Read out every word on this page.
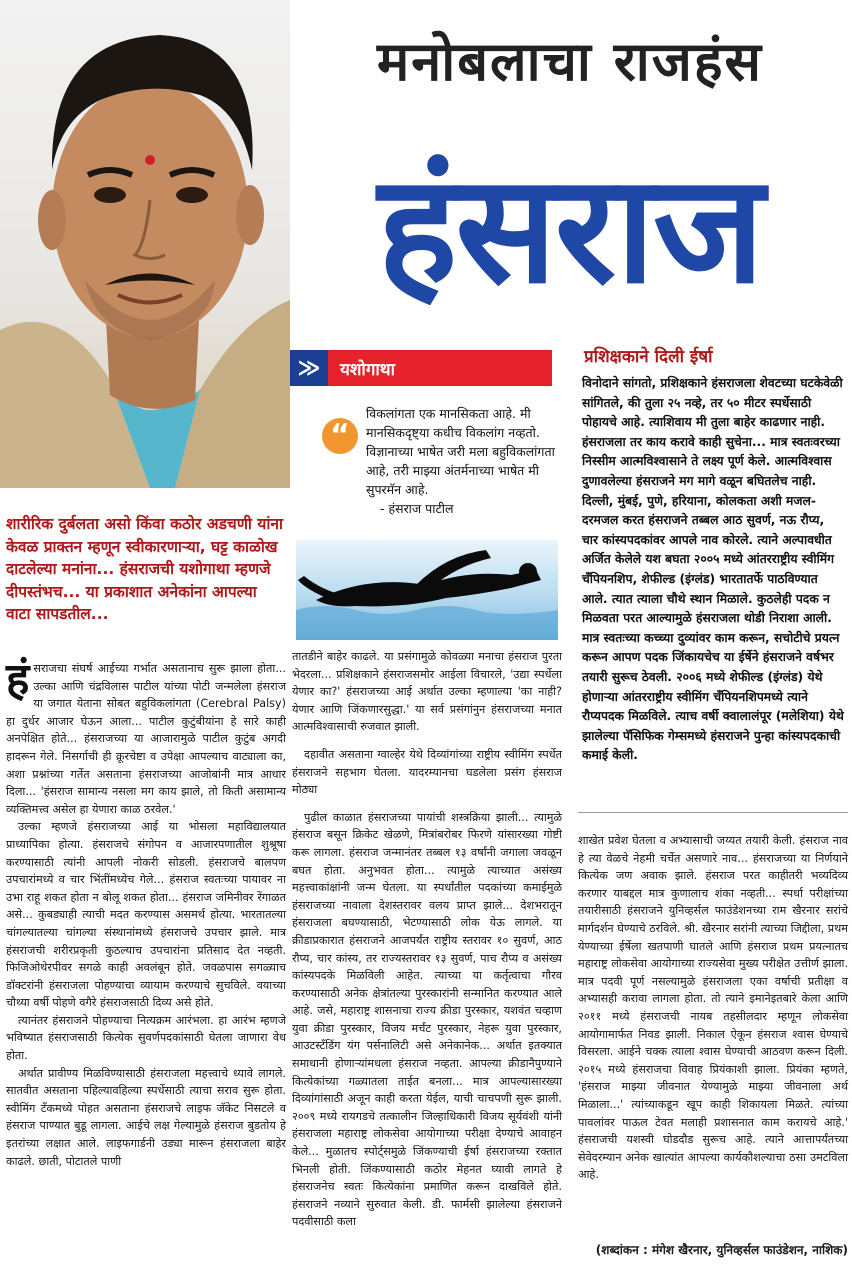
मनोबलाचा राजहंस
हंसराज
≫	यशोगाथा
“
विकलांगता एक मानसिकता आहे. मी मानसिकदृष्ट्या कधीच विकलांग नव्हतो. विज्ञानाच्या भाषेत जरी मला बहुविकलांगता आहे, तरी माझ्या अंतर्मनाच्या भाषेत मी सुपरमॅन आहे.
- हंसराज पाटील
शारीरिक दुर्बलता असो किंवा कठोर अडचणी यांना केवळ प्राक्तन म्हणून स्वीकारणाऱ्या, घट्ट काळोख दाटलेल्या मनांना... हंसराजची यशोगाथा म्हणजे दीपस्तंभच... या प्रकाशात अनेकांना आपल्या वाटा सापडतील...

हंसराजचा संघर्ष आईच्या गर्भात असतानाच सुरू झाला होता... उल्का आणि चंद्रविलास पाटील यांच्या पोटी जन्मलेला हंसराज या जगात येताना सोबत बहुविकलांगता (Cerebral Palsy) हा दुर्धर आजार घेऊन आला... पाटील कुटुंबीयांना हे सारे काही अनपेक्षित होते... हंसराजच्या या आजारामुळे पाटील कुटुंब अगदी हादरून गेले. निसर्गाची ही क्रूरचेष्टा व उपेक्षा आपल्याच वाट्याला का, अशा प्रश्नांच्या गर्तेत असताना हंसराजच्या आजोबांनी मात्र आधार दिला... 'हंसराज सामान्य नसला मग काय झाले, तो किती असामान्य व्यक्तिमत्त्व असेल हा येणारा काळ ठरवेल.'

उल्का म्हणजे हंसराजच्या आई या भोसला महाविद्यालयात प्राध्यापिका होत्या. हंसराजचे संगोपन व आजारपणातील शुश्रूषा करण्यासाठी त्यांनी आपली नोकरी सोडली. हंसराजचे बालपण उपचारांमध्ये व चार भिंतींमध्येच गेले... हंसराज स्वतःच्या पायावर ना उभा राहू शकत होता न बोलू शकत होता... हंसराज जमिनीवर रेंगाळत असे... कुबड्याही त्याची मदत करण्यास असमर्थ होत्या. भारतातल्या चांगल्यातल्या चांगल्या संस्थानांमध्ये हंसराजचे उपचार झाले. मात्र हंसराजची शरीरप्रकृती कुठल्याच उपचारांना प्रतिसाद देत नव्हती. फिजिओथेरपीवर सगळे काही अवलंबून होते. जवळपास सगळ्याच डॉक्टरांनी हंसराजला पोहण्याचा व्यायाम करण्याचे सुचविले. वयाच्या चौथ्या वर्षी पोहणे वगैरे हंसराजसाठी दिव्य असे होते.

त्यानंतर हंसराजने पोहण्याचा नित्यक्रम आरंभला. हा आरंभ म्हणजे भविष्यात हंसराजसाठी कित्येक सुवर्णपदकांसाठी घेतला जाणारा वेध होता.

अर्थात प्रावीण्य मिळविण्यासाठी हंसराजला महत्त्वाचे ध्यावे लागले. सातवीत असताना पहिल्यावहिल्या स्पर्धेसाठी त्याचा सराव सुरू होता. स्वीमिंग टॅंकमध्ये पोहत असताना हंसराजचे लाइफ जॅकेट निसटले व हंसराज पाण्यात बुडू लागला. आईचे लक्ष गेल्यामुळे हंसराज बुडतोय हे इतरांच्या लक्षात आले. लाइफगार्डनी उड्या मारून हंसराजला बाहेर काढले. छाती, पोटातले पाणी

तातडीने बाहेर काढले. या प्रसंगामुळे कोवळ्या मनाचा हंसराज पुरता भेदरला... प्रशिक्षकाने हंसराजसमोर आईला विचारले, 'उद्या स्पर्धेला येणार का?' हंसराजच्या आई अर्थात उल्का म्हणाल्या 'का नाही? येणार आणि जिंकणारसुद्धा.' या सर्व प्रसंगांनुन हंसराजच्या मनात आत्मविश्वासाची रुजवात झाली.

दहावीत असताना ग्वाल्हेर येथे दिव्यांगांच्या राष्ट्रीय स्वीमिंग स्पर्धेत हंसराजने सहभाग घेतला. यादरम्यानचा घडलेला प्रसंग हंसराज मोठ्या

पुढील काळात हंसराजच्या पायांची शस्त्रक्रिया झाली... त्यामुळे हंसराज बसून क्रिकेट खेळणे, मित्रांबरोबर फिरणे यांसारख्या गोष्टी करू लागला. हंसराज जन्मानंतर तब्बल १३ वर्षांनी जगाला जवळून बघत होता. अनुभवत होता... त्यामुळे त्याच्यात असंख्य महत्त्वाकांक्षांनी जन्म घेतला. या स्पर्धांतील पदकांच्या कमाईमुळे हंसराजच्या नावाला देशस्तरावर वलय प्राप्त झाले... देशभरातून हंसराजला बघण्यासाठी, भेटण्यासाठी लोक येऊ लागले. या क्रीडाप्रकारात हंसराजने आजपर्यंत राष्ट्रीय स्तरावर १० सुवर्ण, आठ रौप्य, चार कांस्य, तर राज्यस्तरावर १३ सुवर्ण, पाच रौप्य व असंख्य कांस्यपदके मिळविली आहेत. त्याच्या या कर्तृत्वाचा गौरव करण्यासाठी अनेक क्षेत्रांतल्या पुरस्कारांनी सन्मानित करण्यात आले आहे. जसे, महाराष्ट्र शासनाचा राज्य क्रीडा पुरस्कार, यशवंत चव्हाण युवा क्रीडा पुरस्कार, विजय मर्चंट पुरस्कार, नेहरू युवा पुरस्कार, आउटस्टॅंडिंग यंग पर्सनालिटी असे अनेकानेक... अर्थात इतक्यात समाधानी होणाऱ्यांमधला हंसराज नव्हता. आपल्या क्रीडानैपुण्याने कित्येकांच्या गळ्यातला ताईत बनला... मात्र आपल्यासारख्या दिव्यांगांसाठी अजून काही करता येईल, याची चाचपणी सुरू झाली. २००९ मध्ये रायगडचे तत्कालीन जिल्हाधिकारी विजय सूर्यवंशी यांनी हंसराजला महाराष्ट्र लोकसेवा आयोगाच्या परीक्षा देण्याचे आवाहन केले... मुळातच स्पोर्ट्समुळे जिंकण्याची ईर्षा हंसराजच्या रक्तात भिनली होती. जिंकण्यासाठी कठोर मेहनत घ्यावी लागते हे हंसराजनेच स्वतः कित्येकांना प्रमाणित करून दाखविले होते. हंसराजने नव्याने सुरुवात केली. डी. फार्मसी झालेल्या हंसराजने पदवीसाठी कला

प्रशिक्षकाने दिली ईर्षा
विनोदाने सांगतो, प्रशिक्षकाने हंसराजला शेवटच्या घटकेवेळी सांगितले, की तुला २५ नव्हे, तर ५० मीटर स्पर्धेसाठी पोहायचे आहे. त्याशिवाय मी तुला बाहेर काढणार नाही. हंसराजला तर काय करावे काही सुचेना... मात्र स्वतःवरच्या निस्सीम आत्मविश्वासाने ते लक्ष्य पूर्ण केले. आत्मविश्वास दुणावलेल्या हंसराजने मग मागे वळून बघितलेच नाही. दिल्ली, मुंबई, पुणे, हरियाना, कोलकता अशी मजल-दरमजल करत हंसराजने तब्बल आठ सुवर्ण, नऊ रौप्य, चार कांस्यपदकांवर आपले नाव कोरले. त्याने अल्पावधीत अर्जित केलेले यश बघता २००५ मध्ये आंतरराष्ट्रीय स्वीमिंग चॅंपियनशिप, शेफील्ड (इंग्लंड) भारतातर्फे पाठविण्यात आले. त्यात त्याला चौथे स्थान मिळाले. कुठलेही पदक न मिळवता परत आल्यामुळे हंसराजला थोडी निराशा आली. मात्र स्वतःच्या कच्च्या दुव्यांवर काम करून, सचोटीचे प्रयत्न करून आपण पदक जिंकायचेच या ईर्षेने हंसराजने वर्षभर तयारी सुरूच ठेवली. २००६ मध्ये शेफील्ड (इंग्लंड) येथे होणाऱ्या आंतरराष्ट्रीय स्वीमिंग चॅंपियनशिपमध्ये त्याने रौप्यपदक मिळविले. त्याच वर्षी क्वालालंपूर (मलेशिया) येथे झालेल्या पॅसिफिक गेम्समध्ये हंसराजने पुन्हा कांस्यपदकाची कमाई केली.

शाखेत प्रवेश घेतला व अभ्यासाची जय्यत तयारी केली. हंसराज नाव हे त्या वेळचे नेहमी चर्चेत असणारे नाव... हंसराजच्या या निर्णयाने कित्येक जण अवाक झाले. हंसराज परत काहीतरी भव्यदिव्य करणार याबद्दल मात्र कुणालाच शंका नव्हती... स्पर्धा परीक्षांच्या तयारीसाठी हंसराजने युनिव्हर्सल फाउंडेशनच्या राम खैरनार सरांचे मार्गदर्शन घेण्याचे ठरविले. श्री. खैरनार सरांनी त्याच्या जिद्दीला, प्रथम येण्याच्या ईर्षेला खतपाणी घातले आणि हंसराज प्रथम प्रयत्नातच महाराष्ट्र लोकसेवा आयोगाच्या राज्यसेवा मुख्य परीक्षेत उत्तीर्ण झाला. मात्र पदवी पूर्ण नसल्यामुळे हंसराजला एका वर्षाची प्रतीक्षा व अभ्यासही करावा लागला होता. तो त्याने इमानेइतबारे केला आणि २०११ मध्ये हंसराजची नायब तहसीलदार म्हणून लोकसेवा आयोगामार्फत निवड झाली. निकाल ऐकून हंसराज श्वास घेण्याचे विसरला. आईने चक्क त्याला श्वास घेण्याची आठवण करून दिली. २०१५ मध्ये हंसराजचा विवाह प्रियंकाशी झाला. प्रियंका म्हणते, 'हंसराज माझ्या जीवनात येण्यामुळे माझ्या जीवनाला अर्थ मिळाला...' त्यांच्याकडून खूप काही शिकायला मिळते. त्यांच्या पावलांवर पाऊल टेवत मलाही प्रशासनात काम करायचे आहे.' हंसराजची यशस्वी घोडदौड सुरूच आहे. त्याने आत्तापर्यंतच्या सेवेदरम्यान अनेक खात्यांत आपल्या कार्यकौशल्याचा ठसा उमटविला आहे.

(शब्दांकन : मंगेश खैरनार, युनिव्हर्सल फाउंडेशन, नाशिक)
